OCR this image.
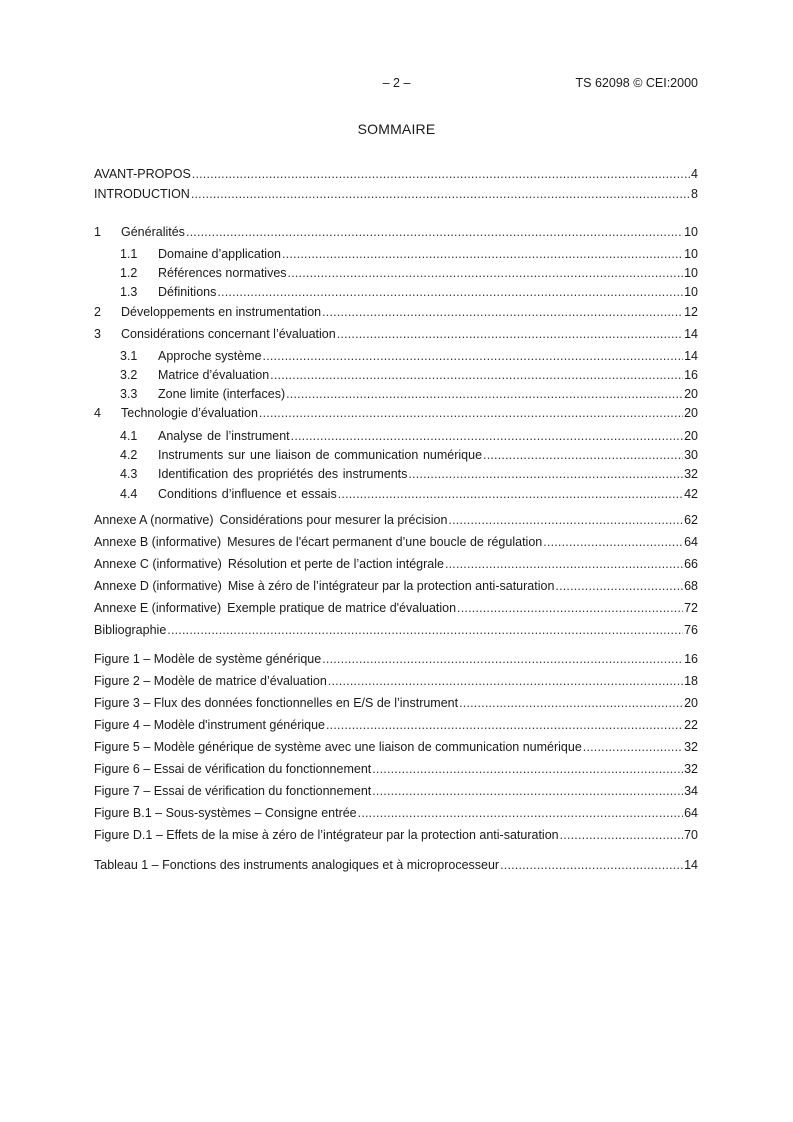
– 2 –	TS 62098 © CEI:2000
SOMMAIRE
AVANT-PROPOS .....	4
INTRODUCTION .....	8
1	Généralités .....	10
1.1	Domaine d’application .....	10
1.2	Références normatives .....	10
1.3	Définitions .....	10
2	Développements en instrumentation .....	12
3	Considérations concernant l’évaluation .....	14
3.1	Approche système .....	14
3.2	Matrice d’évaluation .....	16
3.3	Zone limite (interfaces) .....	20
4	Technologie d’évaluation .....	20
4.1	Analyse de l’instrument .....	20
4.2	Instruments sur une liaison de communication numérique .....	30
4.3	Identification des propriétés des instruments .....	32
4.4	Conditions d’influence et essais .....	42
Annexe A (normative) Considérations pour mesurer la précision .....	62
Annexe B (informative) Mesures de l'écart permanent d’une boucle de régulation .....	64
Annexe C (informative) Résolution et perte de l’action intégrale .....	66
Annexe D (informative) Mise à zéro de l’intégrateur par la protection anti-saturation .....	68
Annexe E (informative) Exemple pratique de matrice d'évaluation .....	72
Bibliographie .....	76
Figure 1 – Modèle de système générique .....	16
Figure 2 – Modèle de matrice d’évaluation .....	18
Figure 3 – Flux des données fonctionnelles en E/S de l’instrument .....	20
Figure 4 – Modèle d'instrument générique .....	22
Figure 5 – Modèle générique de système avec une liaison de communication numérique .....	32
Figure 6 – Essai de vérification du fonctionnement .....	32
Figure 7 – Essai de vérification du fonctionnement .....	34
Figure B.1 – Sous-systèmes – Consigne entrée .....	64
Figure D.1 – Effets de la mise à zéro de l’intégrateur par la protection anti-saturation .....	70
Tableau 1 – Fonctions des instruments analogiques et à microprocesseur .....	14
